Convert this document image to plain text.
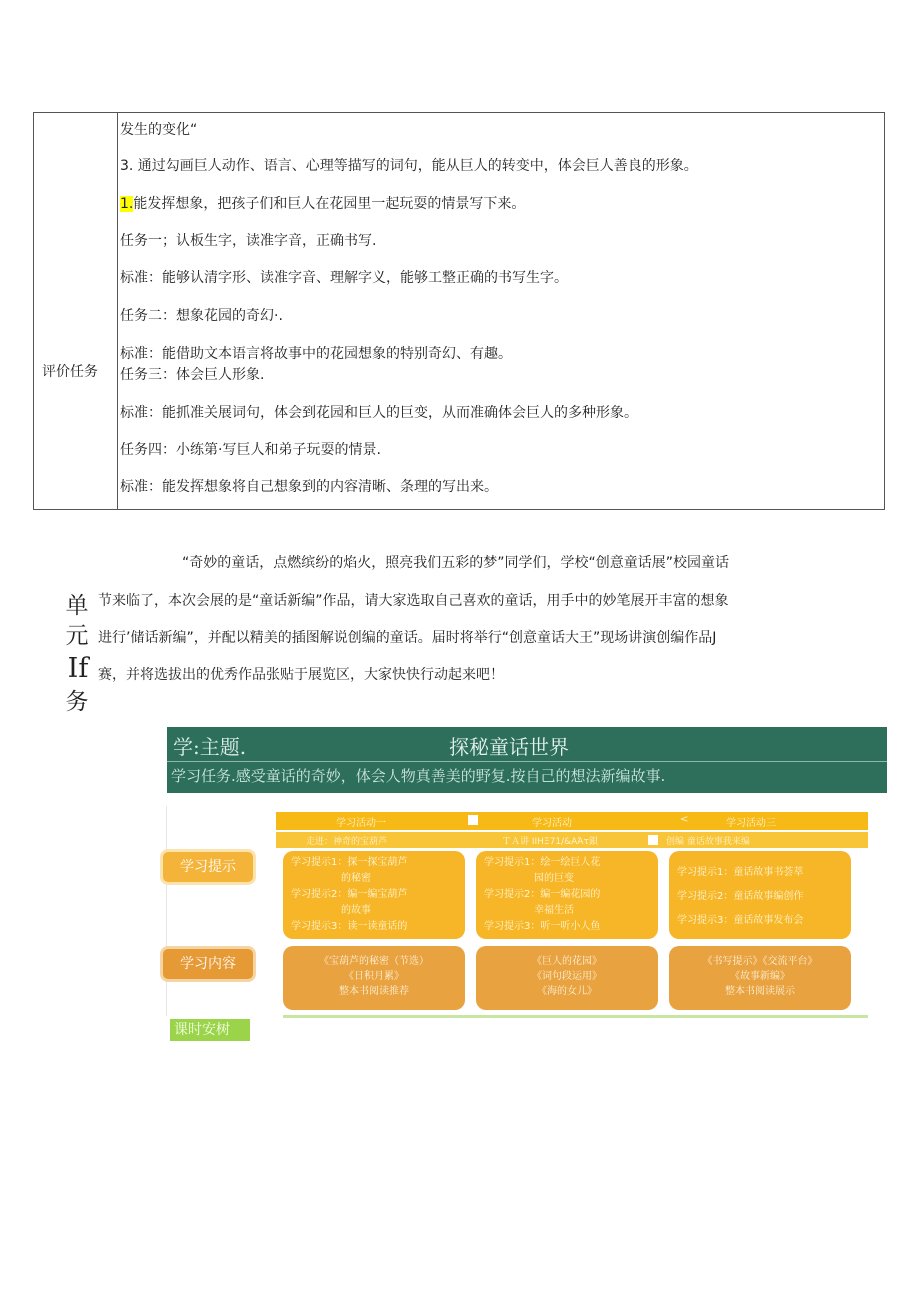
评价任务
发生的变化“
3. 通过勾画巨人动作、语言、心理等描写的词句，能从巨人的转变中，体会巨人善良的形象。
1.能发挥想象，把孩子们和巨人在花园里一起玩耍的情景写下来。
任务一；认板生字，读准字音，正确书写.
标准：能够认清字形、读准字音、理解字义，能够工整正确的书写生字。
任务二：想象花园的奇幻·.
标准：能借助文本语言将故事中的花园想象的特别奇幻、有趣。
任务三：体会巨人形象.
标准：能抓准关展词句，体会到花园和巨人的巨变，从而准确体会巨人的多种形象。
任务四：小练第·写巨人和弟子玩耍的情景.
标准：能发挥想象将自己想象到的内容清晰、条理的写出来。
单
元
If
务
“奇妙的童话，点燃缤纷的焰火，照亮我们五彩的梦”同学们，学校“创意童话展”校园童话
节来临了，本次会展的是“童话新编”作品，请大家选取自己喜欢的童话，用手中的妙笔展开丰富的想象
进行’储话新编”，并配以精美的插图解说创编的童话。届时将举行“创意童话大王”现场讲演创编作品J
赛，并将选拔出的优秀作品张贴于展览区，大家快快行动起来吧！
学:主题.	探秘童话世界
学习任务.感受童话的奇妙，体会人物真善美的野复.按自己的想法新编故事.
学习活动一	学习活动	<	学习活动三
走进：神奇的宝葫芦	ＴＡ讲 ΙΙΗΞ71/&ΑΆτ鋇	创编 童话故事我来编
学习提示
学习内容
学习提示1：探一探宝葫芦
的秘密
学习提示2：编一编宝葫芦
的故事
学习提示3：读一读童话的
学习提示1：绘一绘巨人花
园的巨变
学习提示2：编一编花园的
幸福生活
学习提示3：听一听小人鱼
学习提示1：童话故事书荟萃
学习提示2：童话故事编创作
学习提示3：童话故事发布会
《宝葫芦的秘密（节选）
《日积月累》
整本书阅读推荐
《巨人的花园》
《词句段运用》
《海的女儿》
《书写提示》《交流平台》
《故事新编》
整本书阅读展示
课时安树
